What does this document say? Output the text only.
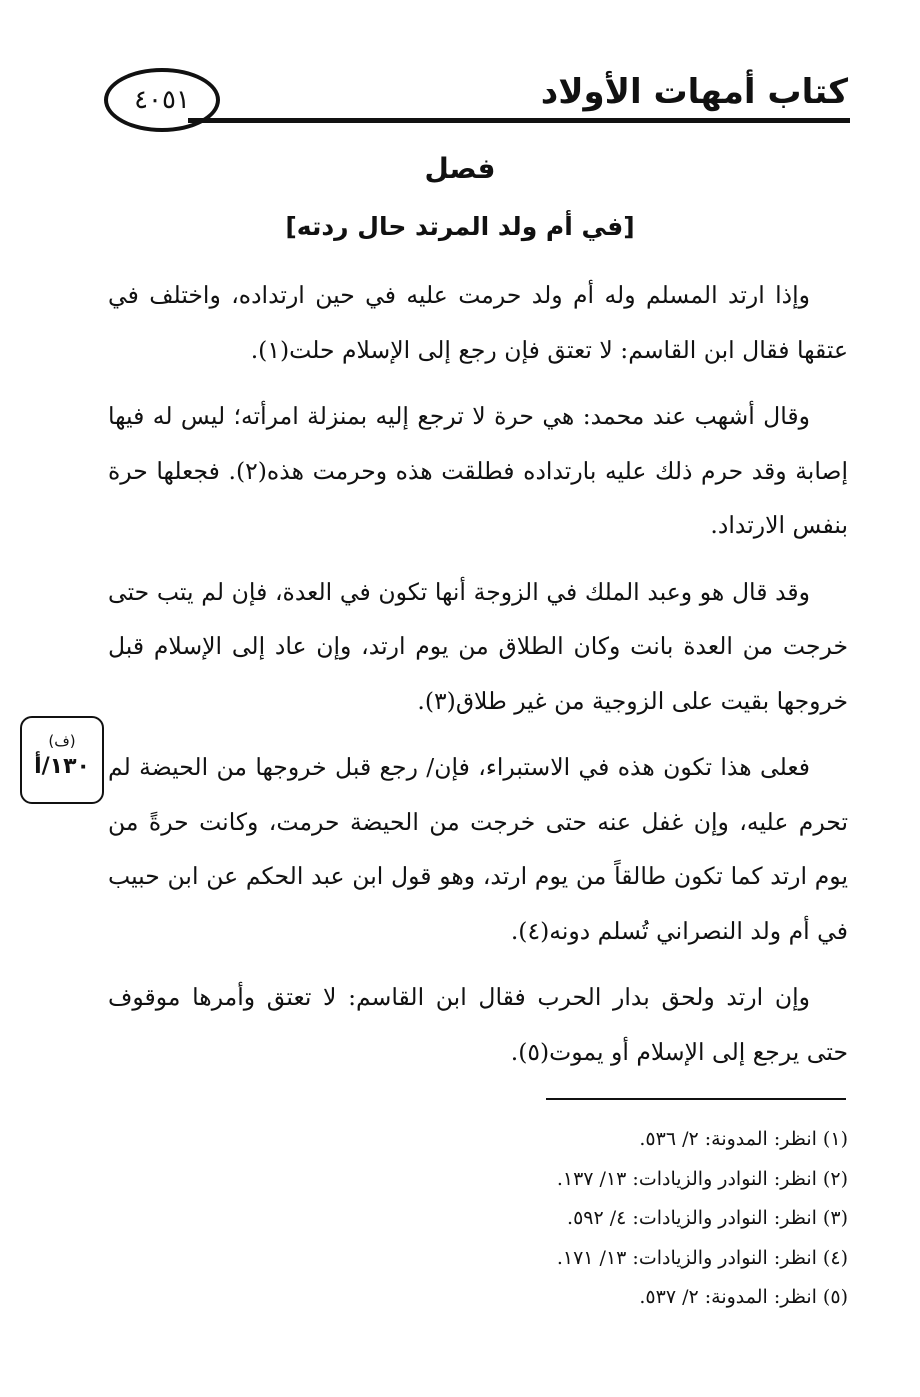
كتاب أمهات الأولاد
٤٠٥١
فصل
[في أم ولد المرتد حال ردته]

وإذا ارتد المسلم وله أم ولد حرمت عليه في حين ارتداده، واختلف في عتقها فقال ابن القاسم: لا تعتق فإن رجع إلى الإسلام حلت(١).

وقال أشهب عند محمد: هي حرة لا ترجع إليه بمنزلة امرأته؛ ليس له فيها إصابة وقد حرم ذلك عليه بارتداده فطلقت هذه وحرمت هذه(٢). فجعلها حرة بنفس الارتداد.

وقد قال هو وعبد الملك في الزوجة أنها تكون في العدة، فإن لم يتب حتى خرجت من العدة بانت وكان الطلاق من يوم ارتد، وإن عاد إلى الإسلام قبل خروجها بقيت على الزوجية من غير طلاق(٣).

فعلى هذا تكون هذه في الاستبراء، فإن/ رجع قبل خروجها من الحيضة لم تحرم عليه، وإن غفل عنه حتى خرجت من الحيضة حرمت، وكانت حرةً من يوم ارتد كما تكون طالقاً من يوم ارتد، وهو قول ابن عبد الحكم عن ابن حبيب في أم ولد النصراني تُسلم دونه(٤).

وإن ارتد ولحق بدار الحرب فقال ابن القاسم: لا تعتق وأمرها موقوف حتى يرجع إلى الإسلام أو يموت(٥).

(ف)
١٣٠/أ
(١) انظر: المدونة: ٢/ ٥٣٦.
(٢) انظر: النوادر والزيادات: ١٣/ ١٣٧.
(٣) انظر: النوادر والزيادات: ٤/ ٥٩٢.
(٤) انظر: النوادر والزيادات: ١٣/ ١٧١.
(٥) انظر: المدونة: ٢/ ٥٣٧.
